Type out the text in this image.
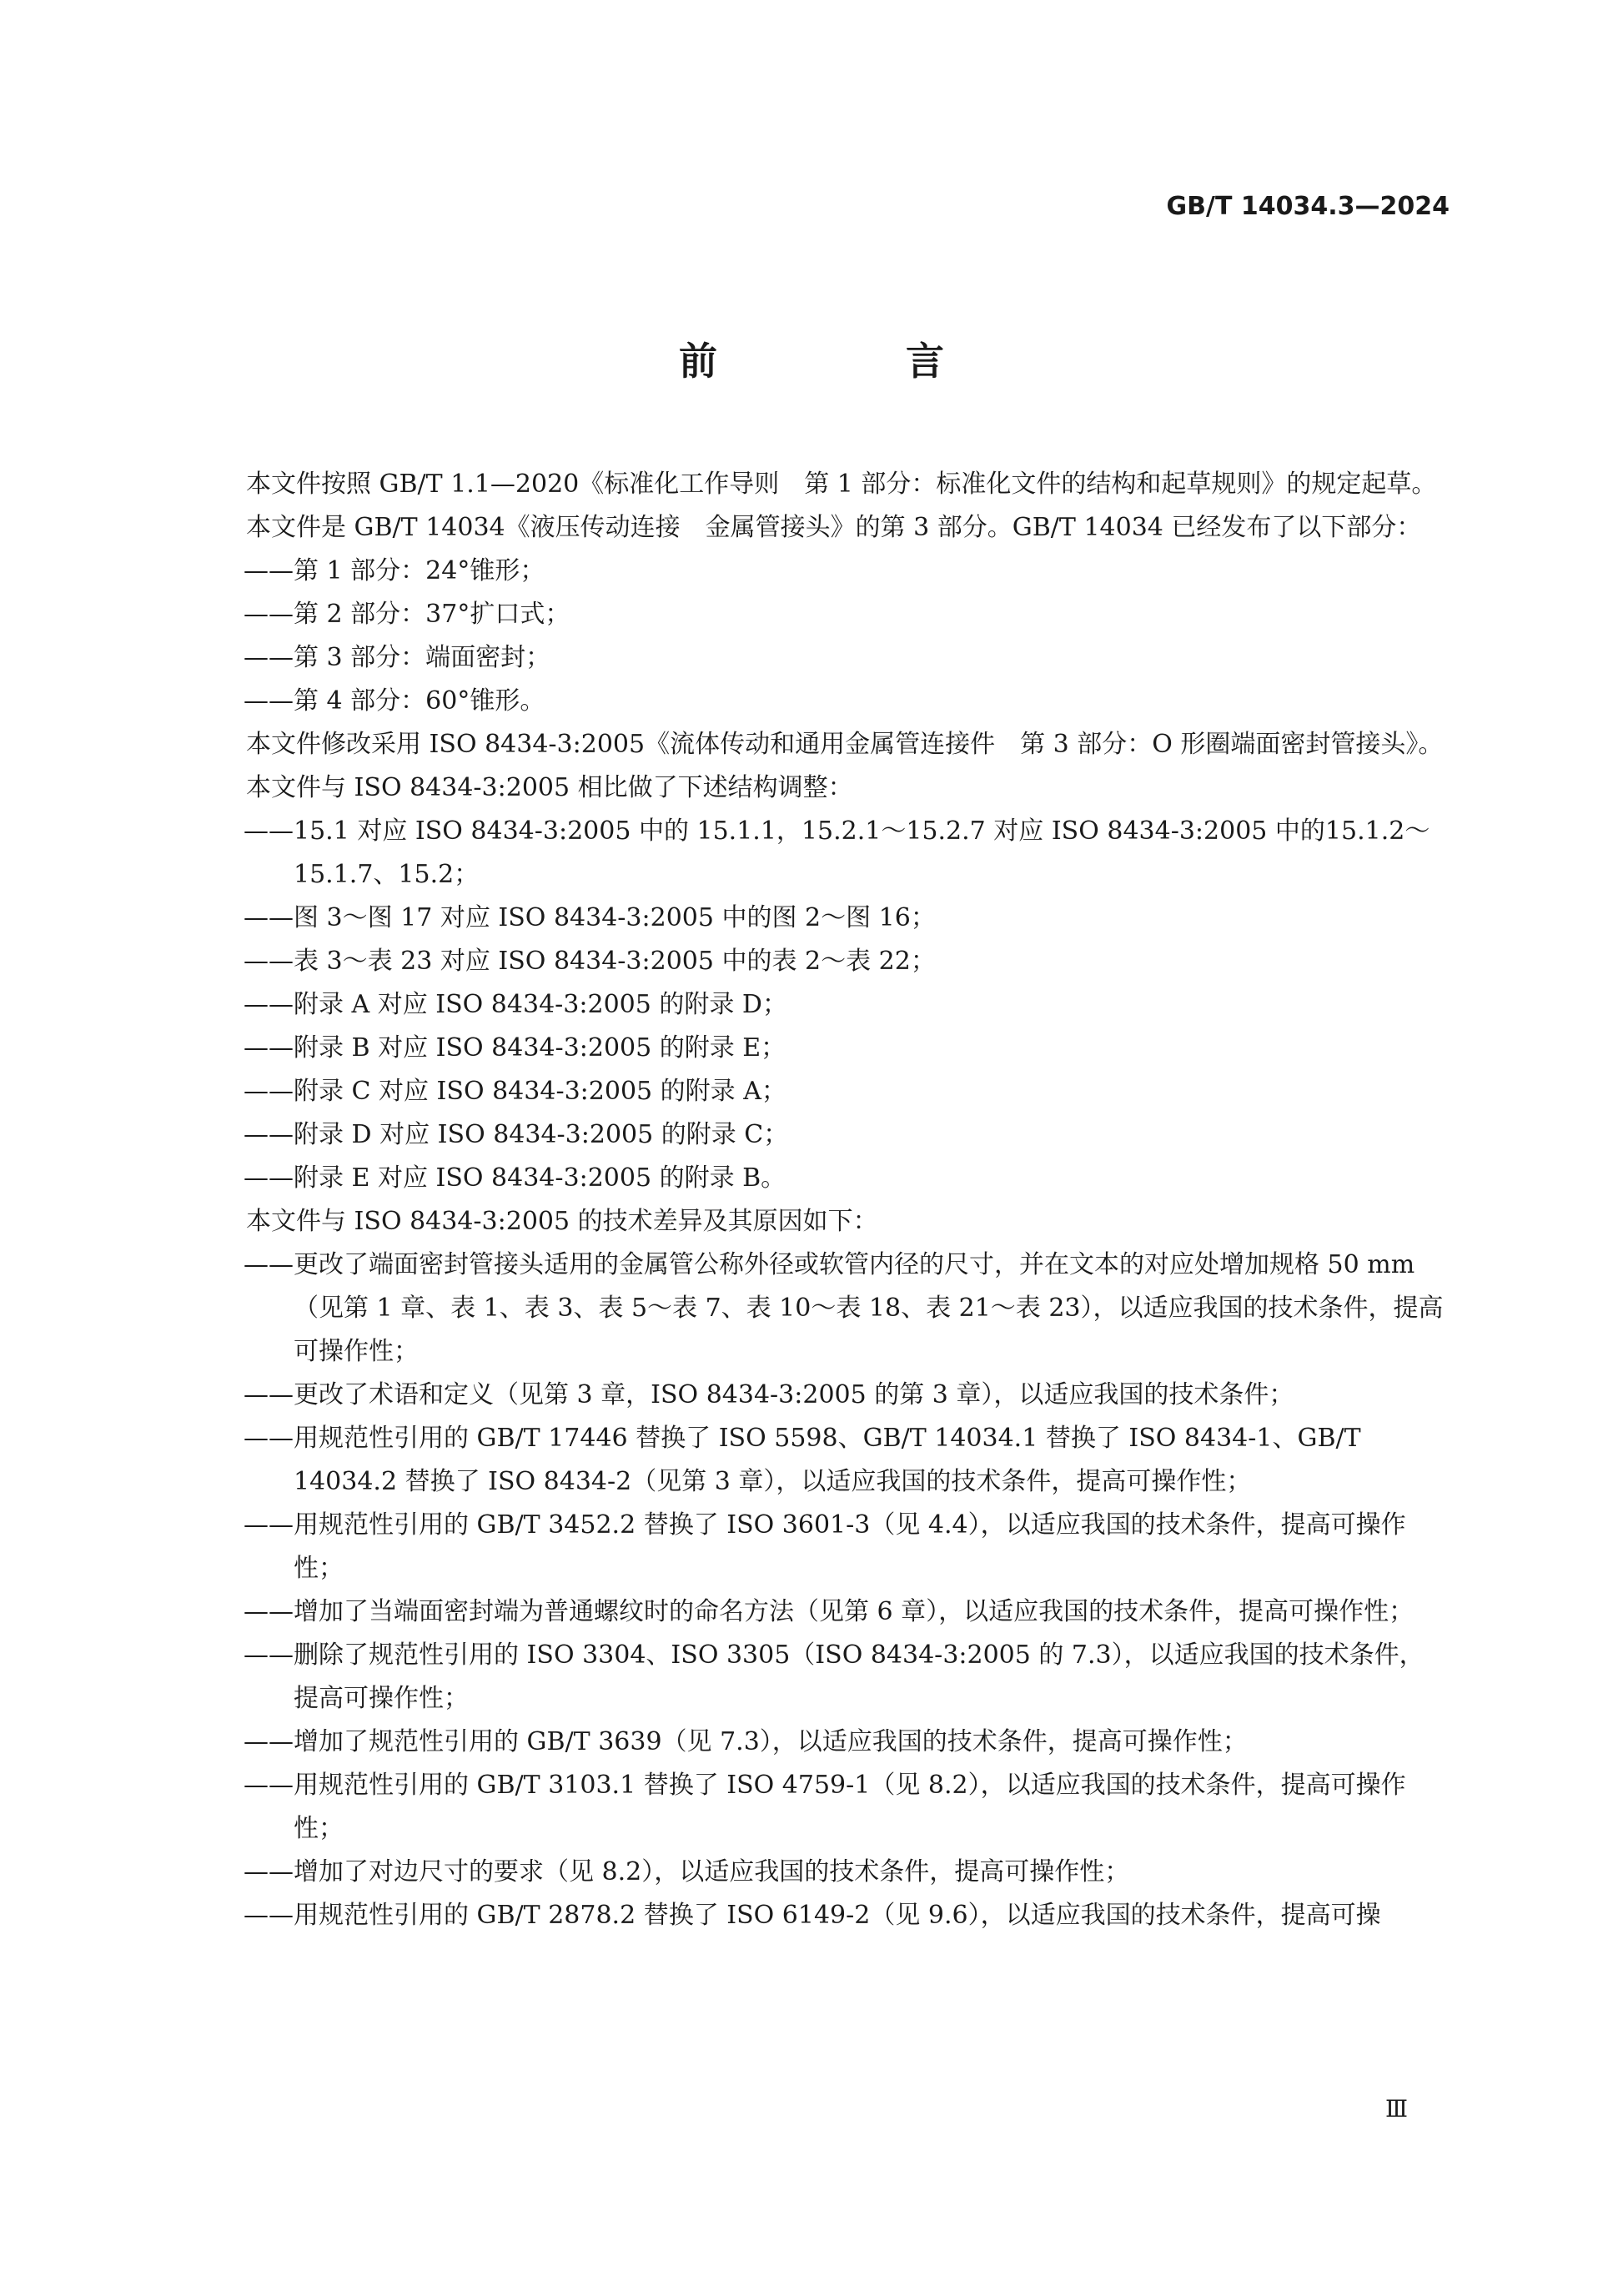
GB/T 14034.3—2024

前　言

本文件按照 GB/T 1.1—2020《标准化工作导则　第 1 部分：标准化文件的结构和起草规则》的规定起草。

本文件是 GB/T 14034《液压传动连接　金属管接头》的第 3 部分。GB/T 14034 已经发布了以下部分：

——第 1 部分：24°锥形；

——第 2 部分：37°扩口式；

——第 3 部分：端面密封；

——第 4 部分：60°锥形。

本文件修改采用 ISO 8434-3:2005《流体传动和通用金属管连接件　第 3 部分：O 形圈端面密封管接头》。

本文件与 ISO 8434-3:2005 相比做了下述结构调整：

——15.1 对应 ISO 8434-3:2005 中的 15.1.1，15.2.1～15.2.7 对应 ISO 8434-3:2005 中的15.1.2～15.1.7、15.2；

——图 3～图 17 对应 ISO 8434-3:2005 中的图 2～图 16；

——表 3～表 23 对应 ISO 8434-3:2005 中的表 2～表 22；

——附录 A 对应 ISO 8434-3:2005 的附录 D；

——附录 B 对应 ISO 8434-3:2005 的附录 E；

——附录 C 对应 ISO 8434-3:2005 的附录 A；

——附录 D 对应 ISO 8434-3:2005 的附录 C；

——附录 E 对应 ISO 8434-3:2005 的附录 B。

本文件与 ISO 8434-3:2005 的技术差异及其原因如下：

——更改了端面密封管接头适用的金属管公称外径或软管内径的尺寸，并在文本的对应处增加规格 50 mm（见第 1 章、表 1、表 3、表 5～表 7、表 10～表 18、表 21～表 23），以适应我国的技术条件，提高可操作性；

——更改了术语和定义（见第 3 章，ISO 8434-3:2005 的第 3 章），以适应我国的技术条件；

——用规范性引用的 GB/T 17446 替换了 ISO 5598、GB/T 14034.1 替换了 ISO 8434-1、GB/T 14034.2 替换了 ISO 8434-2（见第 3 章），以适应我国的技术条件，提高可操作性；

——用规范性引用的 GB/T 3452.2 替换了 ISO 3601-3（见 4.4），以适应我国的技术条件，提高可操作性；

——增加了当端面密封端为普通螺纹时的命名方法（见第 6 章），以适应我国的技术条件，提高可操作性；

——删除了规范性引用的 ISO 3304、ISO 3305（ISO 8434-3:2005 的 7.3），以适应我国的技术条件，提高可操作性；

——增加了规范性引用的 GB/T 3639（见 7.3），以适应我国的技术条件，提高可操作性；

——用规范性引用的 GB/T 3103.1 替换了 ISO 4759-1（见 8.2），以适应我国的技术条件，提高可操作性；

——增加了对边尺寸的要求（见 8.2），以适应我国的技术条件，提高可操作性；

——用规范性引用的 GB/T 2878.2 替换了 ISO 6149-2（见 9.6），以适应我国的技术条件，提高可操

Ⅲ
